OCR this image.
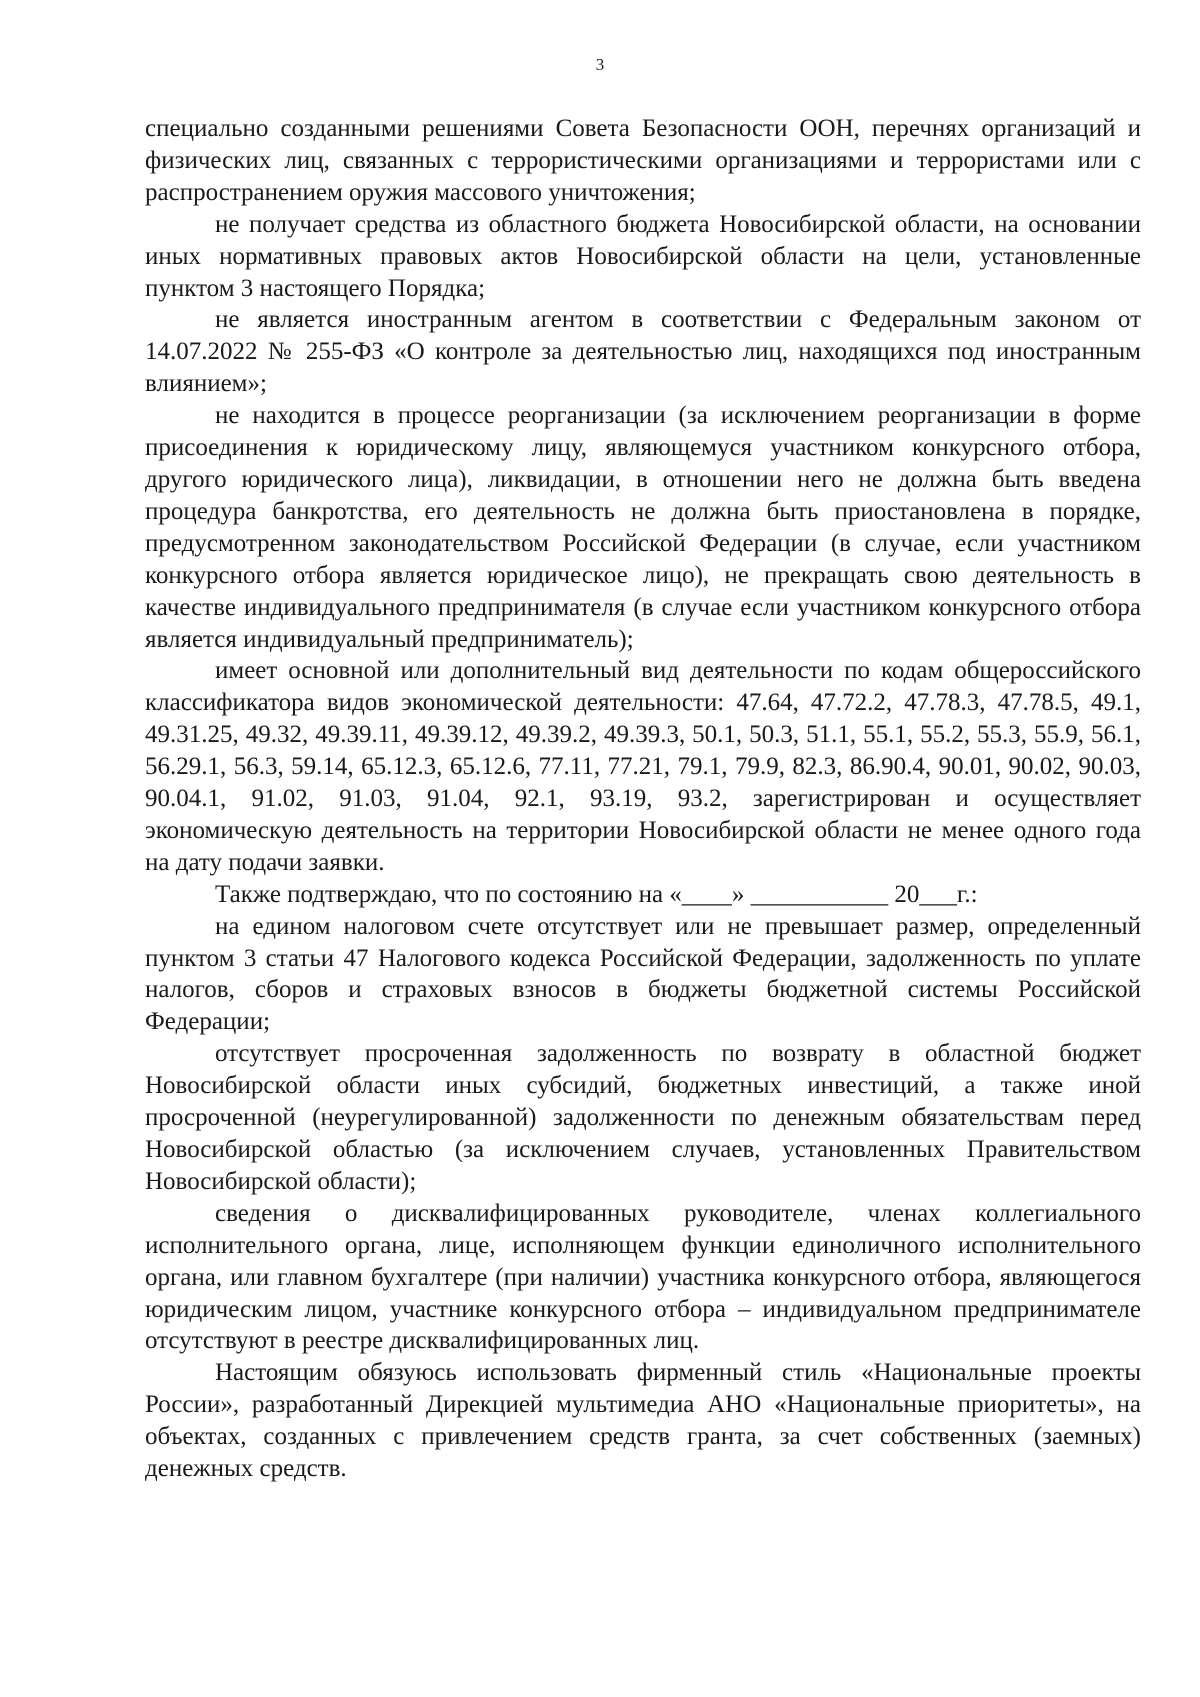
3

специально созданными решениями Совета Безопасности ООН, перечнях организаций и физических лиц, связанных с террористическими организациями и террористами или с распространением оружия массового уничтожения;

не получает средства из областного бюджета Новосибирской области, на основании иных нормативных правовых актов Новосибирской области на цели, установленные пунктом 3 настоящего Порядка;

не является иностранным агентом в соответствии с Федеральным законом от 14.07.2022 № 255-ФЗ «О контроле за деятельностью лиц, находящихся под иностранным влиянием»;

не находится в процессе реорганизации (за исключением реорганизации в форме присоединения к юридическому лицу, являющемуся участником конкурсного отбора, другого юридического лица), ликвидации, в отношении него не должна быть введена процедура банкротства, его деятельность не должна быть приостановлена в порядке, предусмотренном законодательством Российской Федерации (в случае, если участником конкурсного отбора является юридическое лицо), не прекращать свою деятельность в качестве индивидуального предпринимателя (в случае если участником конкурсного отбора является индивидуальный предприниматель);

имеет основной или дополнительный вид деятельности по кодам общероссийского классификатора видов экономической деятельности: 47.64, 47.72.2, 47.78.3, 47.78.5, 49.1, 49.31.25, 49.32, 49.39.11, 49.39.12, 49.39.2, 49.39.3, 50.1, 50.3, 51.1, 55.1, 55.2, 55.3, 55.9, 56.1, 56.29.1, 56.3, 59.14, 65.12.3, 65.12.6, 77.11, 77.21, 79.1, 79.9, 82.3, 86.90.4, 90.01, 90.02, 90.03, 90.04.1, 91.02, 91.03, 91.04, 92.1, 93.19, 93.2, зарегистрирован и осуществляет экономическую деятельность на территории Новосибирской области не менее одного года на дату подачи заявки.

Также подтверждаю, что по состоянию на «____» ___________ 20___г.:

на едином налоговом счете отсутствует или не превышает размер, определенный пунктом 3 статьи 47 Налогового кодекса Российской Федерации, задолженность по уплате налогов, сборов и страховых взносов в бюджеты бюджетной системы Российской Федерации;

отсутствует просроченная задолженность по возврату в областной бюджет Новосибирской области иных субсидий, бюджетных инвестиций, а также иной просроченной (неурегулированной) задолженности по денежным обязательствам перед Новосибирской областью (за исключением случаев, установленных Правительством Новосибирской области);

сведения о дисквалифицированных руководителе, членах коллегиального исполнительного органа, лице, исполняющем функции единоличного исполнительного органа, или главном бухгалтере (при наличии) участника конкурсного отбора, являющегося юридическим лицом, участнике конкурсного отбора – индивидуальном предпринимателе отсутствуют в реестре дисквалифицированных лиц.

Настоящим обязуюсь использовать фирменный стиль «Национальные проекты России», разработанный Дирекцией мультимедиа АНО «Национальные приоритеты», на объектах, созданных с привлечением средств гранта, за счет собственных (заемных) денежных средств.
